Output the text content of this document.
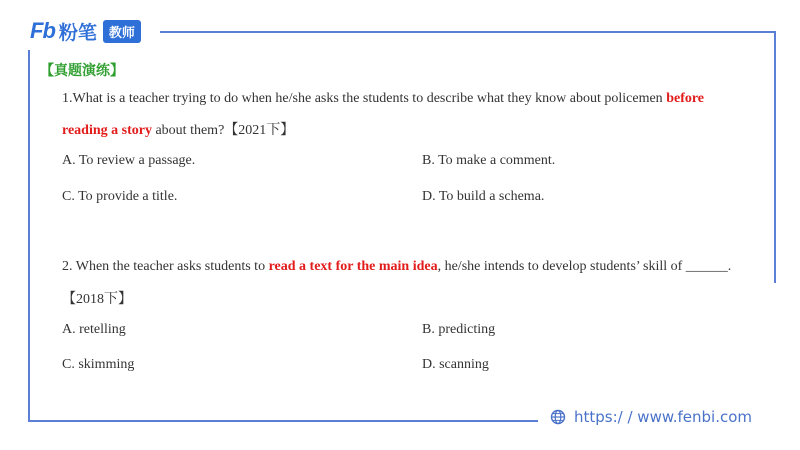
Fb 粉笔 教师
【真题演练】
1.What is a teacher trying to do when he/she asks the students to describe what they know about policemen before
reading a story about them?【2021下】
A. To review a passage.	B. To make a comment.
C. To provide a title.	D. To build a schema.
2. When the teacher asks students to read a text for the main idea, he/she intends to develop students’ skill of ______.
【2018下】
A. retelling	B. predicting
C. skimming	D. scanning
https:/ / www.fenbi.com
